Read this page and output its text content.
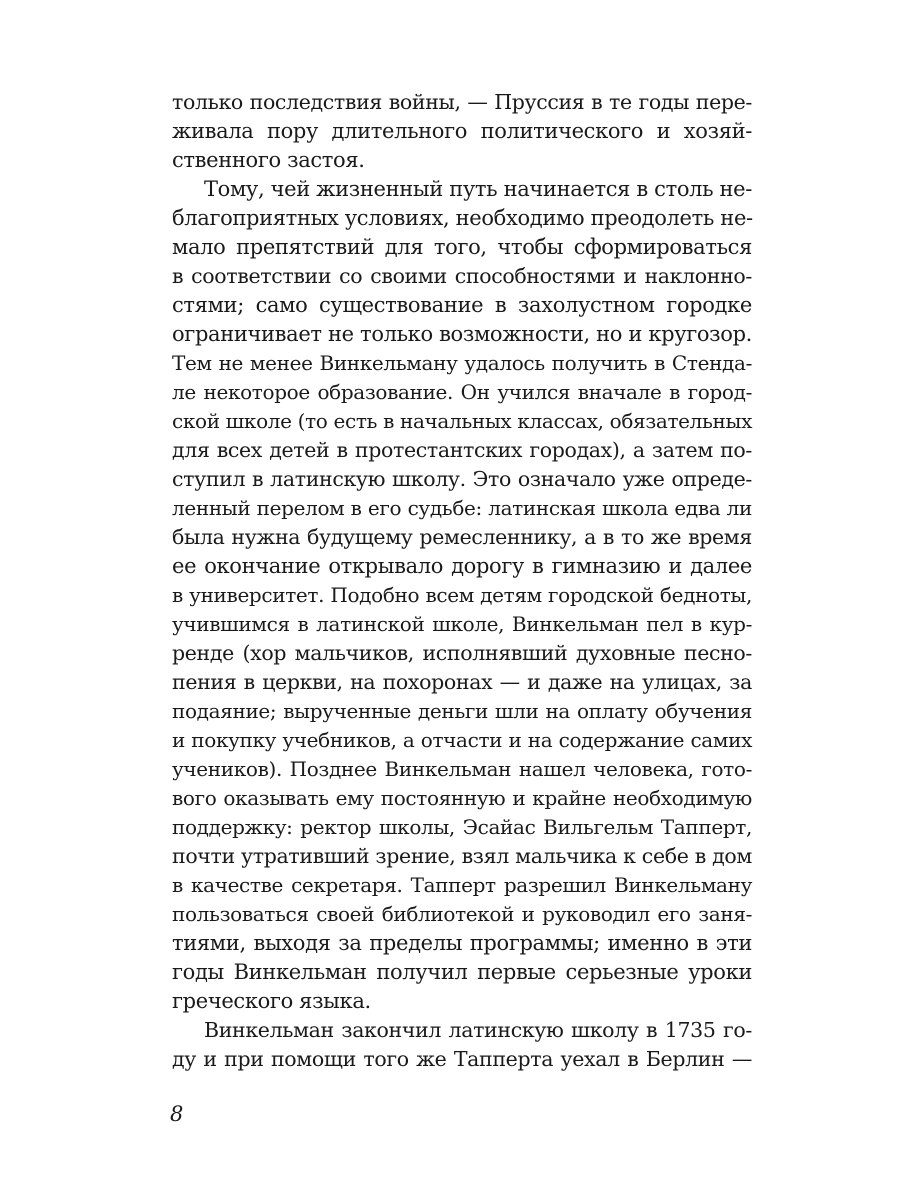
только последствия войны, — Пруссия в те годы пере-
живала пору длительного политического и хозяй-
ственного застоя.
Тому, чей жизненный путь начинается в столь не-
благоприятных условиях, необходимо преодолеть не-
мало препятствий для того, чтобы сформироваться
в соответствии со своими способностями и наклонно-
стями; само существование в захолустном городке
ограничивает не только возможности, но и кругозор.
Тем не менее Винкельману удалось получить в Стенда-
ле некоторое образование. Он учился вначале в город-
ской школе (то есть в начальных классах, обязательных
для всех детей в протестантских городах), а затем по-
ступил в латинскую школу. Это означало уже опреде-
ленный перелом в его судьбе: латинская школа едва ли
была нужна будущему ремесленнику, а в то же время
ее окончание открывало дорогу в гимназию и далее
в университет. Подобно всем детям городской бедноты,
учившимся в латинской школе, Винкельман пел в кур-
ренде (хор мальчиков, исполнявший духовные песно-
пения в церкви, на похоронах — и даже на улицах, за
подаяние; вырученные деньги шли на оплату обучения
и покупку учебников, а отчасти и на содержание самих
учеников). Позднее Винкельман нашел человека, гото-
вого оказывать ему постоянную и крайне необходимую
поддержку: ректор школы, Эсайас Вильгельм Тапперт,
почти утративший зрение, взял мальчика к себе в дом
в качестве секретаря. Тапперт разрешил Винкельману
пользоваться своей библиотекой и руководил его заня-
тиями, выходя за пределы программы; именно в эти
годы Винкельман получил первые серьезные уроки
греческого языка.
Винкельман закончил латинскую школу в 1735 го-
ду и при помощи того же Тапперта уехал в Берлин —
8
